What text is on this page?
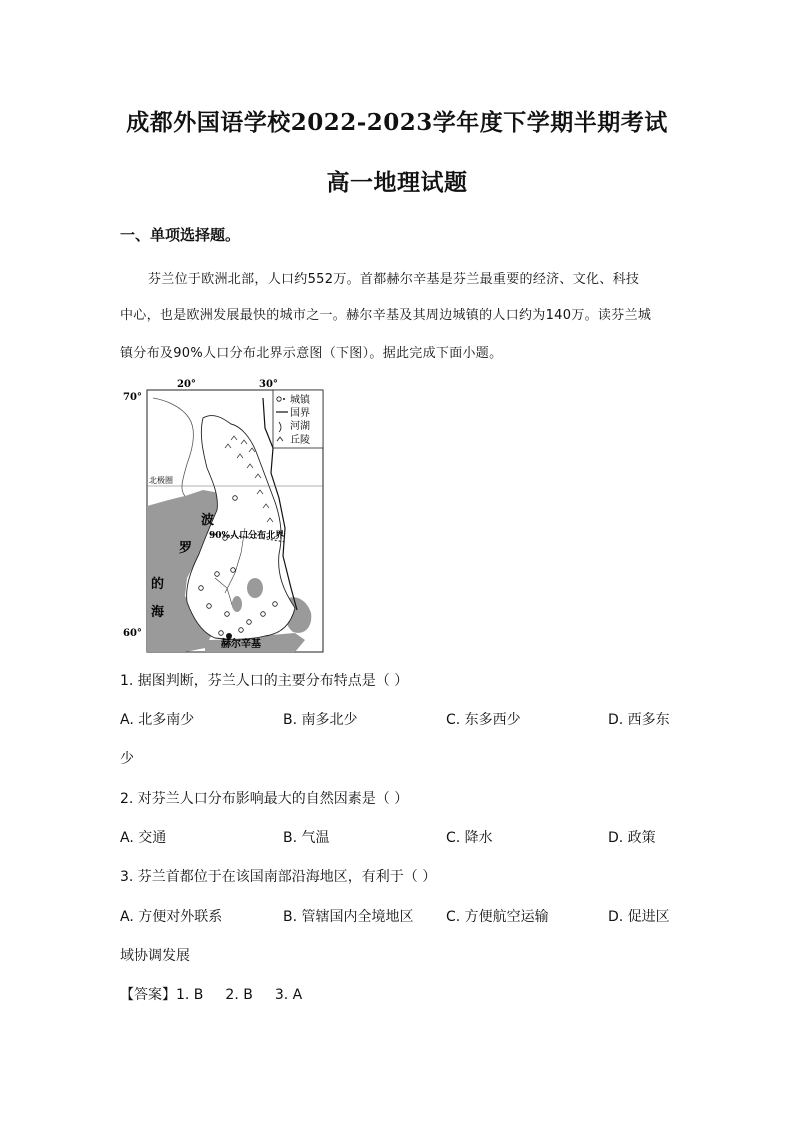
成都外国语学校2022-2023学年度下学期半期考试
高一地理试题
一、单项选择题。
芬兰位于欧洲北部，人口约552万。首都赫尔辛基是芬兰最重要的经济、文化、科技
中心，也是欧洲发展最快的城市之一。赫尔辛基及其周边城镇的人口约为140万。读芬兰城
镇分布及90%人口分布北界示意图（下图）。据此完成下面小题。
城镇
国界
河湖
丘陵
20°	30°
70°
60°
北极圈
波
罗
的
海
90%人口分布北界
赫尔辛基
1. 据图判断，芬兰人口的主要分布特点是（ ）
A. 北多南少	B. 南多北少	C. 东多西少	D. 西多东
少
2. 对芬兰人口分布影响最大的自然因素是（ ）
A. 交通	B. 气温	C. 降水	D. 政策
3. 芬兰首都位于在该国南部沿海地区，有利于（ ）
A. 方便对外联系	B. 管辖国内全境地区 C. 方便航空运输	D. 促进区
域协调发展
【答案】1. B 2. B 3. A
